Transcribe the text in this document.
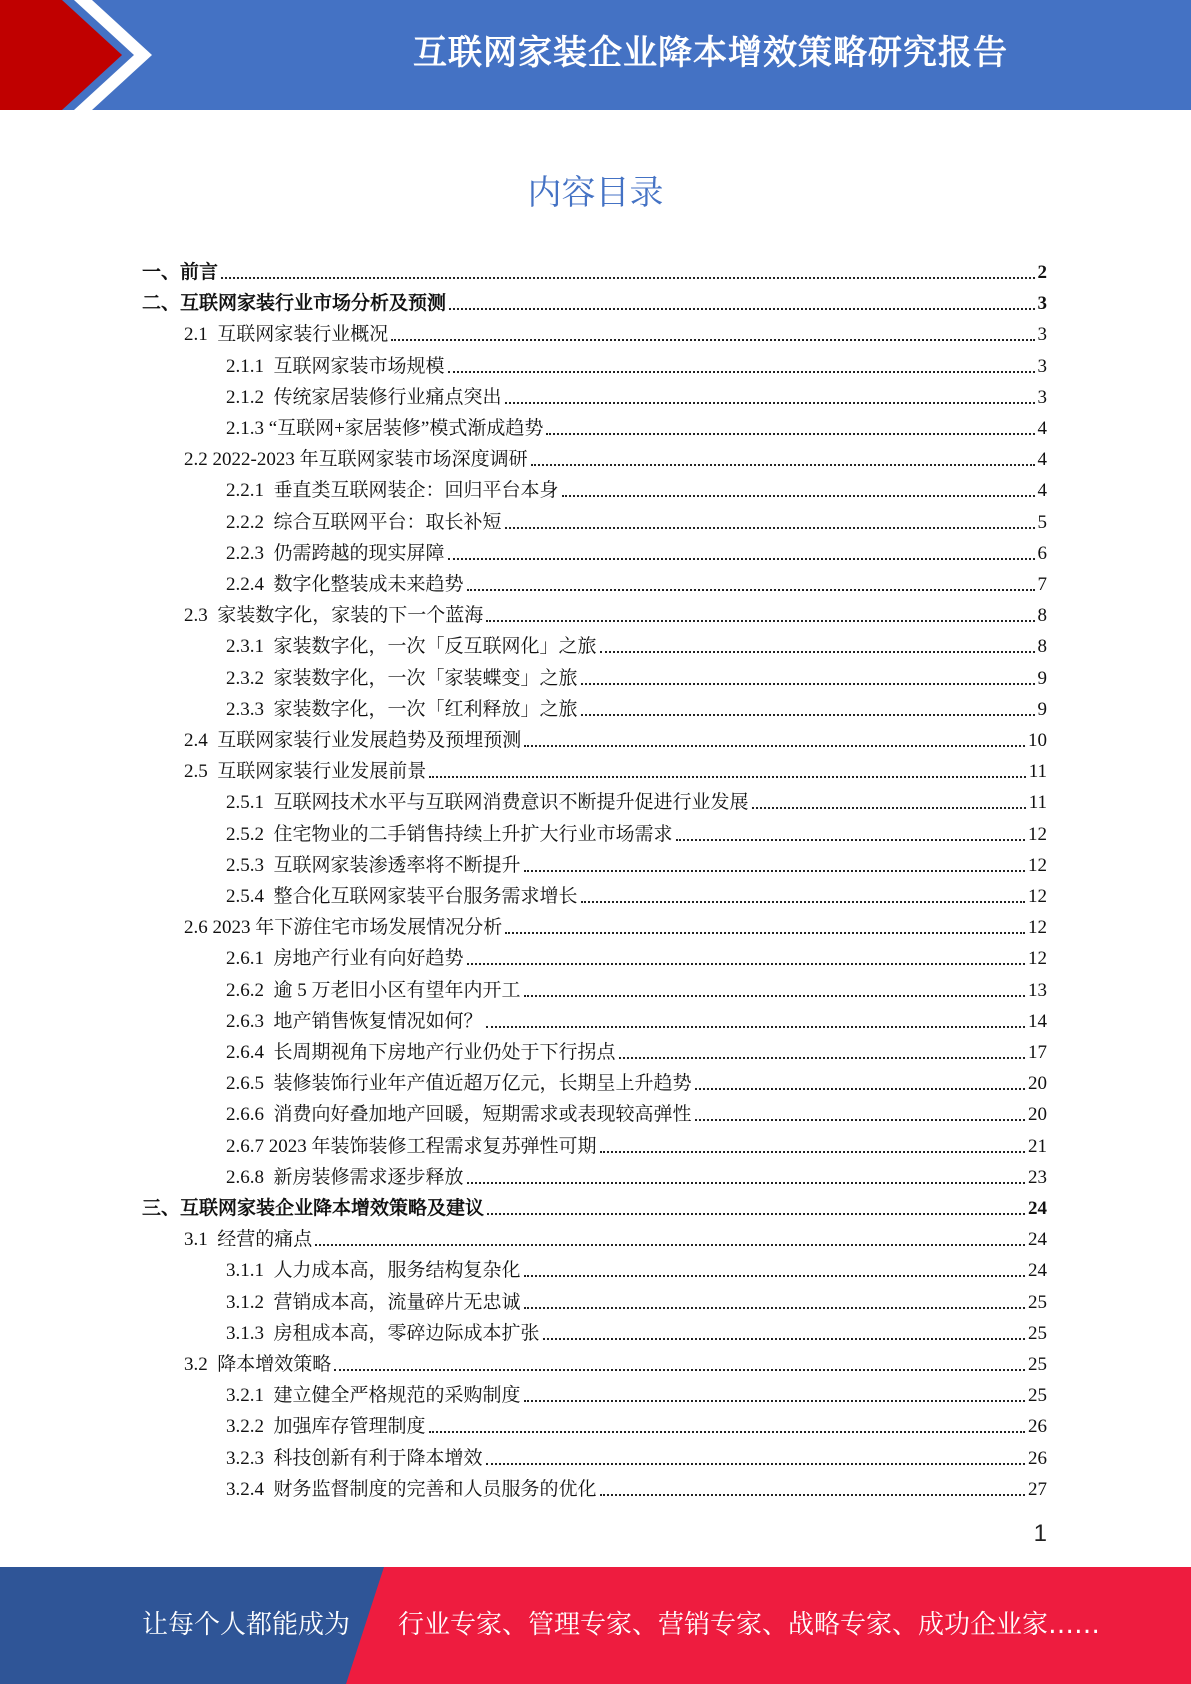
互联网家装企业降本增效策略研究报告
内容目录
一、前言	2
二、互联网家装行业市场分析及预测	3
2.1  互联网家装行业概况	3
2.1.1  互联网家装市场规模	3
2.1.2  传统家居装修行业痛点突出	3
2.1.3 “互联网+家居装修”模式渐成趋势	4
2.2 2022-2023 年互联网家装市场深度调研	4
2.2.1  垂直类互联网装企：回归平台本身	4
2.2.2  综合互联网平台：取长补短	5
2.2.3  仍需跨越的现实屏障	6
2.2.4  数字化整装成未来趋势	7
2.3  家装数字化，家装的下一个蓝海	8
2.3.1  家装数字化，一次「反互联网化」之旅	8
2.3.2  家装数字化，一次「家装蝶变」之旅	9
2.3.3  家装数字化，一次「红利释放」之旅	9
2.4  互联网家装行业发展趋势及预埋预测	10
2.5  互联网家装行业发展前景	11
2.5.1  互联网技术水平与互联网消费意识不断提升促进行业发展	11
2.5.2  住宅物业的二手销售持续上升扩大行业市场需求	12
2.5.3  互联网家装渗透率将不断提升	12
2.5.4  整合化互联网家装平台服务需求增长	12
2.6 2023 年下游住宅市场发展情况分析	12
2.6.1  房地产行业有向好趋势	12
2.6.2  逾 5 万老旧小区有望年内开工	13
2.6.3  地产销售恢复情况如何？	14
2.6.4  长周期视角下房地产行业仍处于下行拐点	17
2.6.5  装修装饰行业年产值近超万亿元，长期呈上升趋势	20
2.6.6  消费向好叠加地产回暖，短期需求或表现较高弹性	20
2.6.7 2023 年装饰装修工程需求复苏弹性可期	21
2.6.8  新房装修需求逐步释放	23
三、互联网家装企业降本增效策略及建议	24
3.1  经营的痛点	24
3.1.1  人力成本高，服务结构复杂化	24
3.1.2  营销成本高，流量碎片无忠诚	25
3.1.3  房租成本高，零碎边际成本扩张	25
3.2  降本增效策略	25
3.2.1  建立健全严格规范的采购制度	25
3.2.2  加强库存管理制度	26
3.2.3  科技创新有利于降本增效	26
3.2.4  财务监督制度的完善和人员服务的优化	27
1
让每个人都能成为 行业专家、管理专家、营销专家、战略专家、成功企业家……
